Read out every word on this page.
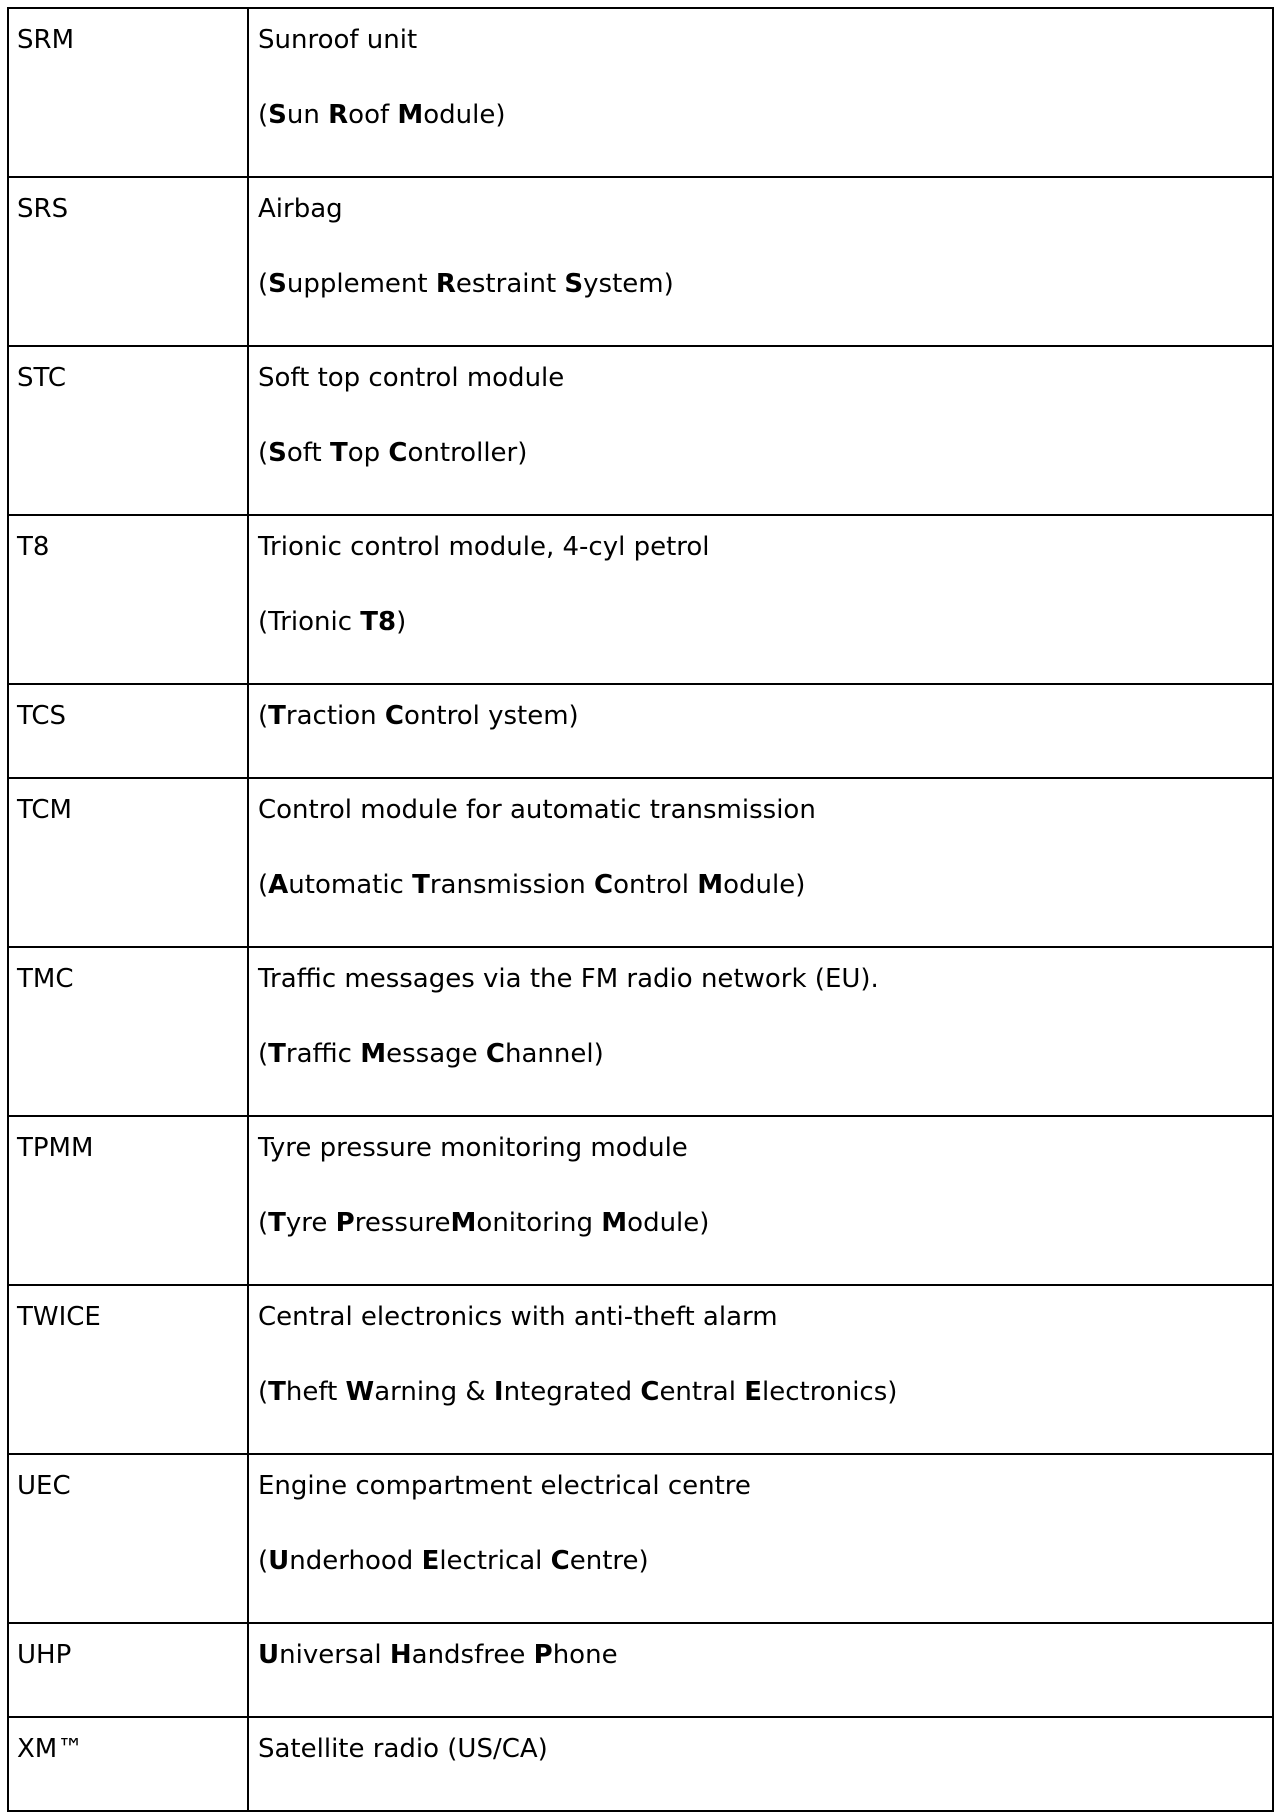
SRM	Sunroof unit
(Sun Roof Module)

SRS	Airbag
(Supplement Restraint System)

STC	Soft top control module
(Soft Top Controller)

T8	Trionic control module, 4-cyl petrol
(Trionic T8)

TCS	(Traction Control ystem)

TCM	Control module for automatic transmission
(Automatic Transmission Control Module)

TMC	Traffic messages via the FM radio network (EU).
(Traffic Message Channel)

TPMM	Tyre pressure monitoring module
(Tyre PressureMonitoring Module)

TWICE	Central electronics with anti-theft alarm
(Theft Warning & Integrated Central Electronics)

UEC	Engine compartment electrical centre
(Underhood Electrical Centre)

UHP	Universal Handsfree Phone

XM™	Satellite radio (US/CA)
